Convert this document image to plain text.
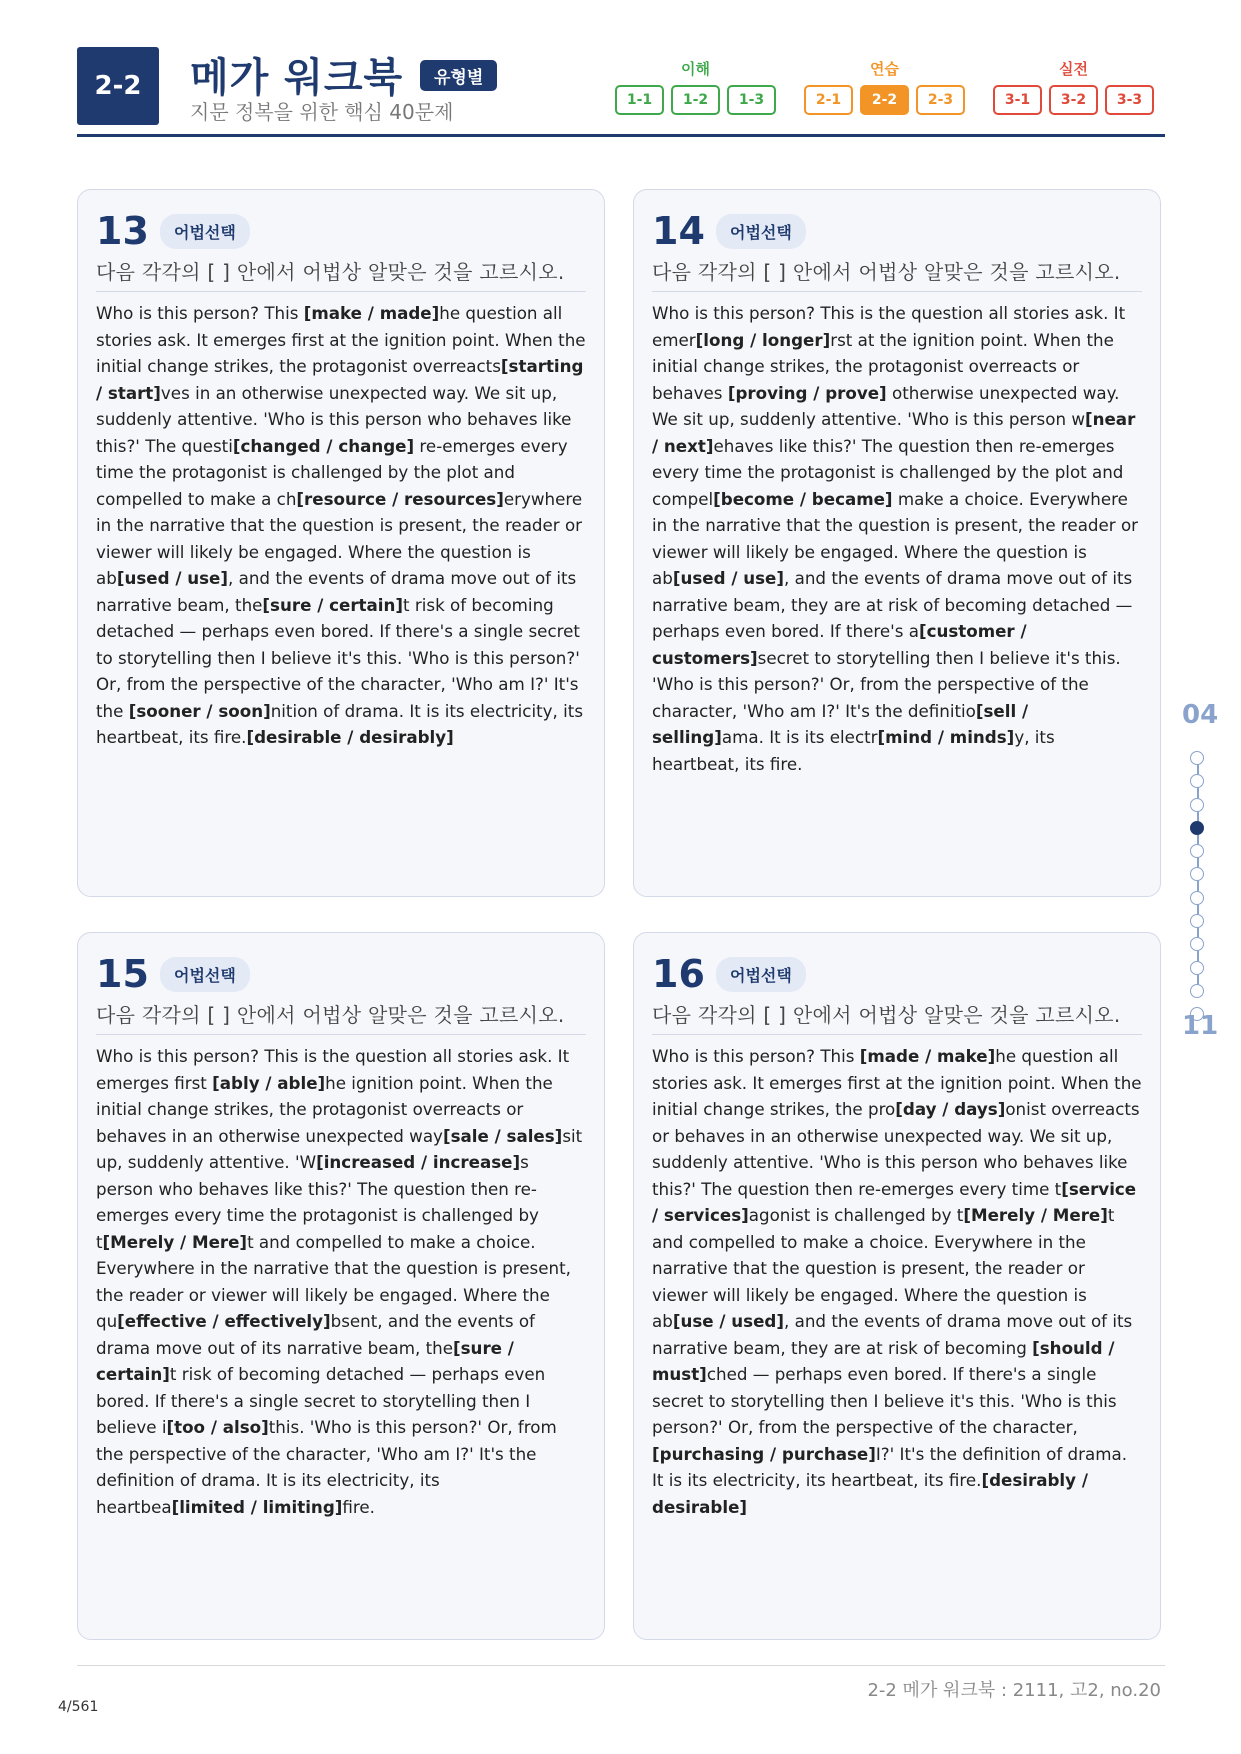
2-2	메가 워크북	유형별
지문 정복을 위한 핵심 40문제
이해
1-1	1-2	1-3
연습
2-1	2-2	2-3
실전
3-1	3-2	3-3
13	어법선택
다음 각각의 [ ] 안에서 어법상 알맞은 것을 고르시오.
Who is this person? This [make / made]he question all stories ask. It emerges first at the ignition point. When the initial change strikes, the protagonist overreacts[starting / start]ves in an otherwise unexpected way. We sit up, suddenly attentive. 'Who is this person who behaves like this?' The questi[changed / change] re-emerges every time the protagonist is challenged by the plot and compelled to make a ch[resource / resources]erywhere in the narrative that the question is present, the reader or viewer will likely be engaged. Where the question is ab[used / use], and the events of drama move out of its narrative beam, the[sure / certain]t risk of becoming detached — perhaps even bored. If there's a single secret to storytelling then I believe it's this. 'Who is this person?' Or, from the perspective of the character, 'Who am I?' It's the [sooner / soon]nition of drama. It is its electricity, its heartbeat, its fire.[desirable / desirably]
14	어법선택
다음 각각의 [ ] 안에서 어법상 알맞은 것을 고르시오.
Who is this person? This is the question all stories ask. It emer[long / longer]rst at the ignition point. When the initial change strikes, the protagonist overreacts or behaves [proving / prove] otherwise unexpected way. We sit up, suddenly attentive. 'Who is this person w[near / next]ehaves like this?' The question then re-emerges every time the protagonist is challenged by the plot and compel[become / became] make a choice. Everywhere in the narrative that the question is present, the reader or viewer will likely be engaged. Where the question is ab[used / use], and the events of drama move out of its narrative beam, they are at risk of becoming detached — perhaps even bored. If there's a[customer / customers]secret to storytelling then I believe it's this. 'Who is this person?' Or, from the perspective of the character, 'Who am I?' It's the definitio[sell / selling]ama. It is its electr[mind / minds]y, its heartbeat, its fire.
15	어법선택
다음 각각의 [ ] 안에서 어법상 알맞은 것을 고르시오.
Who is this person? This is the question all stories ask. It emerges first [ably / able]he ignition point. When the initial change strikes, the protagonist overreacts or behaves in an otherwise unexpected way[sale / sales]sit up, suddenly attentive. 'W[increased / increase]s person who behaves like this?' The question then re-emerges every time the protagonist is challenged by t[Merely / Mere]t and compelled to make a choice. Everywhere in the narrative that the question is present, the reader or viewer will likely be engaged. Where the qu[effective / effectively]bsent, and the events of drama move out of its narrative beam, the[sure / certain]t risk of becoming detached — perhaps even bored. If there's a single secret to storytelling then I believe i[too / also]this. 'Who is this person?' Or, from the perspective of the character, 'Who am I?' It's the definition of drama. It is its electricity, its heartbea[limited / limiting]fire.
16	어법선택
다음 각각의 [ ] 안에서 어법상 알맞은 것을 고르시오.
Who is this person? This [made / make]he question all stories ask. It emerges first at the ignition point. When the initial change strikes, the pro[day / days]onist overreacts or behaves in an otherwise unexpected way. We sit up, suddenly attentive. 'Who is this person who behaves like this?' The question then re-emerges every time t[service / services]agonist is challenged by t[Merely / Mere]t and compelled to make a choice. Everywhere in the narrative that the question is present, the reader or viewer will likely be engaged. Where the question is ab[use / used], and the events of drama move out of its narrative beam, they are at risk of becoming [should / must]ched — perhaps even bored. If there's a single secret to storytelling then I believe it's this. 'Who is this person?' Or, from the perspective of the character, [purchasing / purchase]I?' It's the definition of drama. It is its electricity, its heartbeat, its fire.[desirably / desirable]
04
11
2-2 메가 워크북 : 2111, 고2, no.20
4/561
